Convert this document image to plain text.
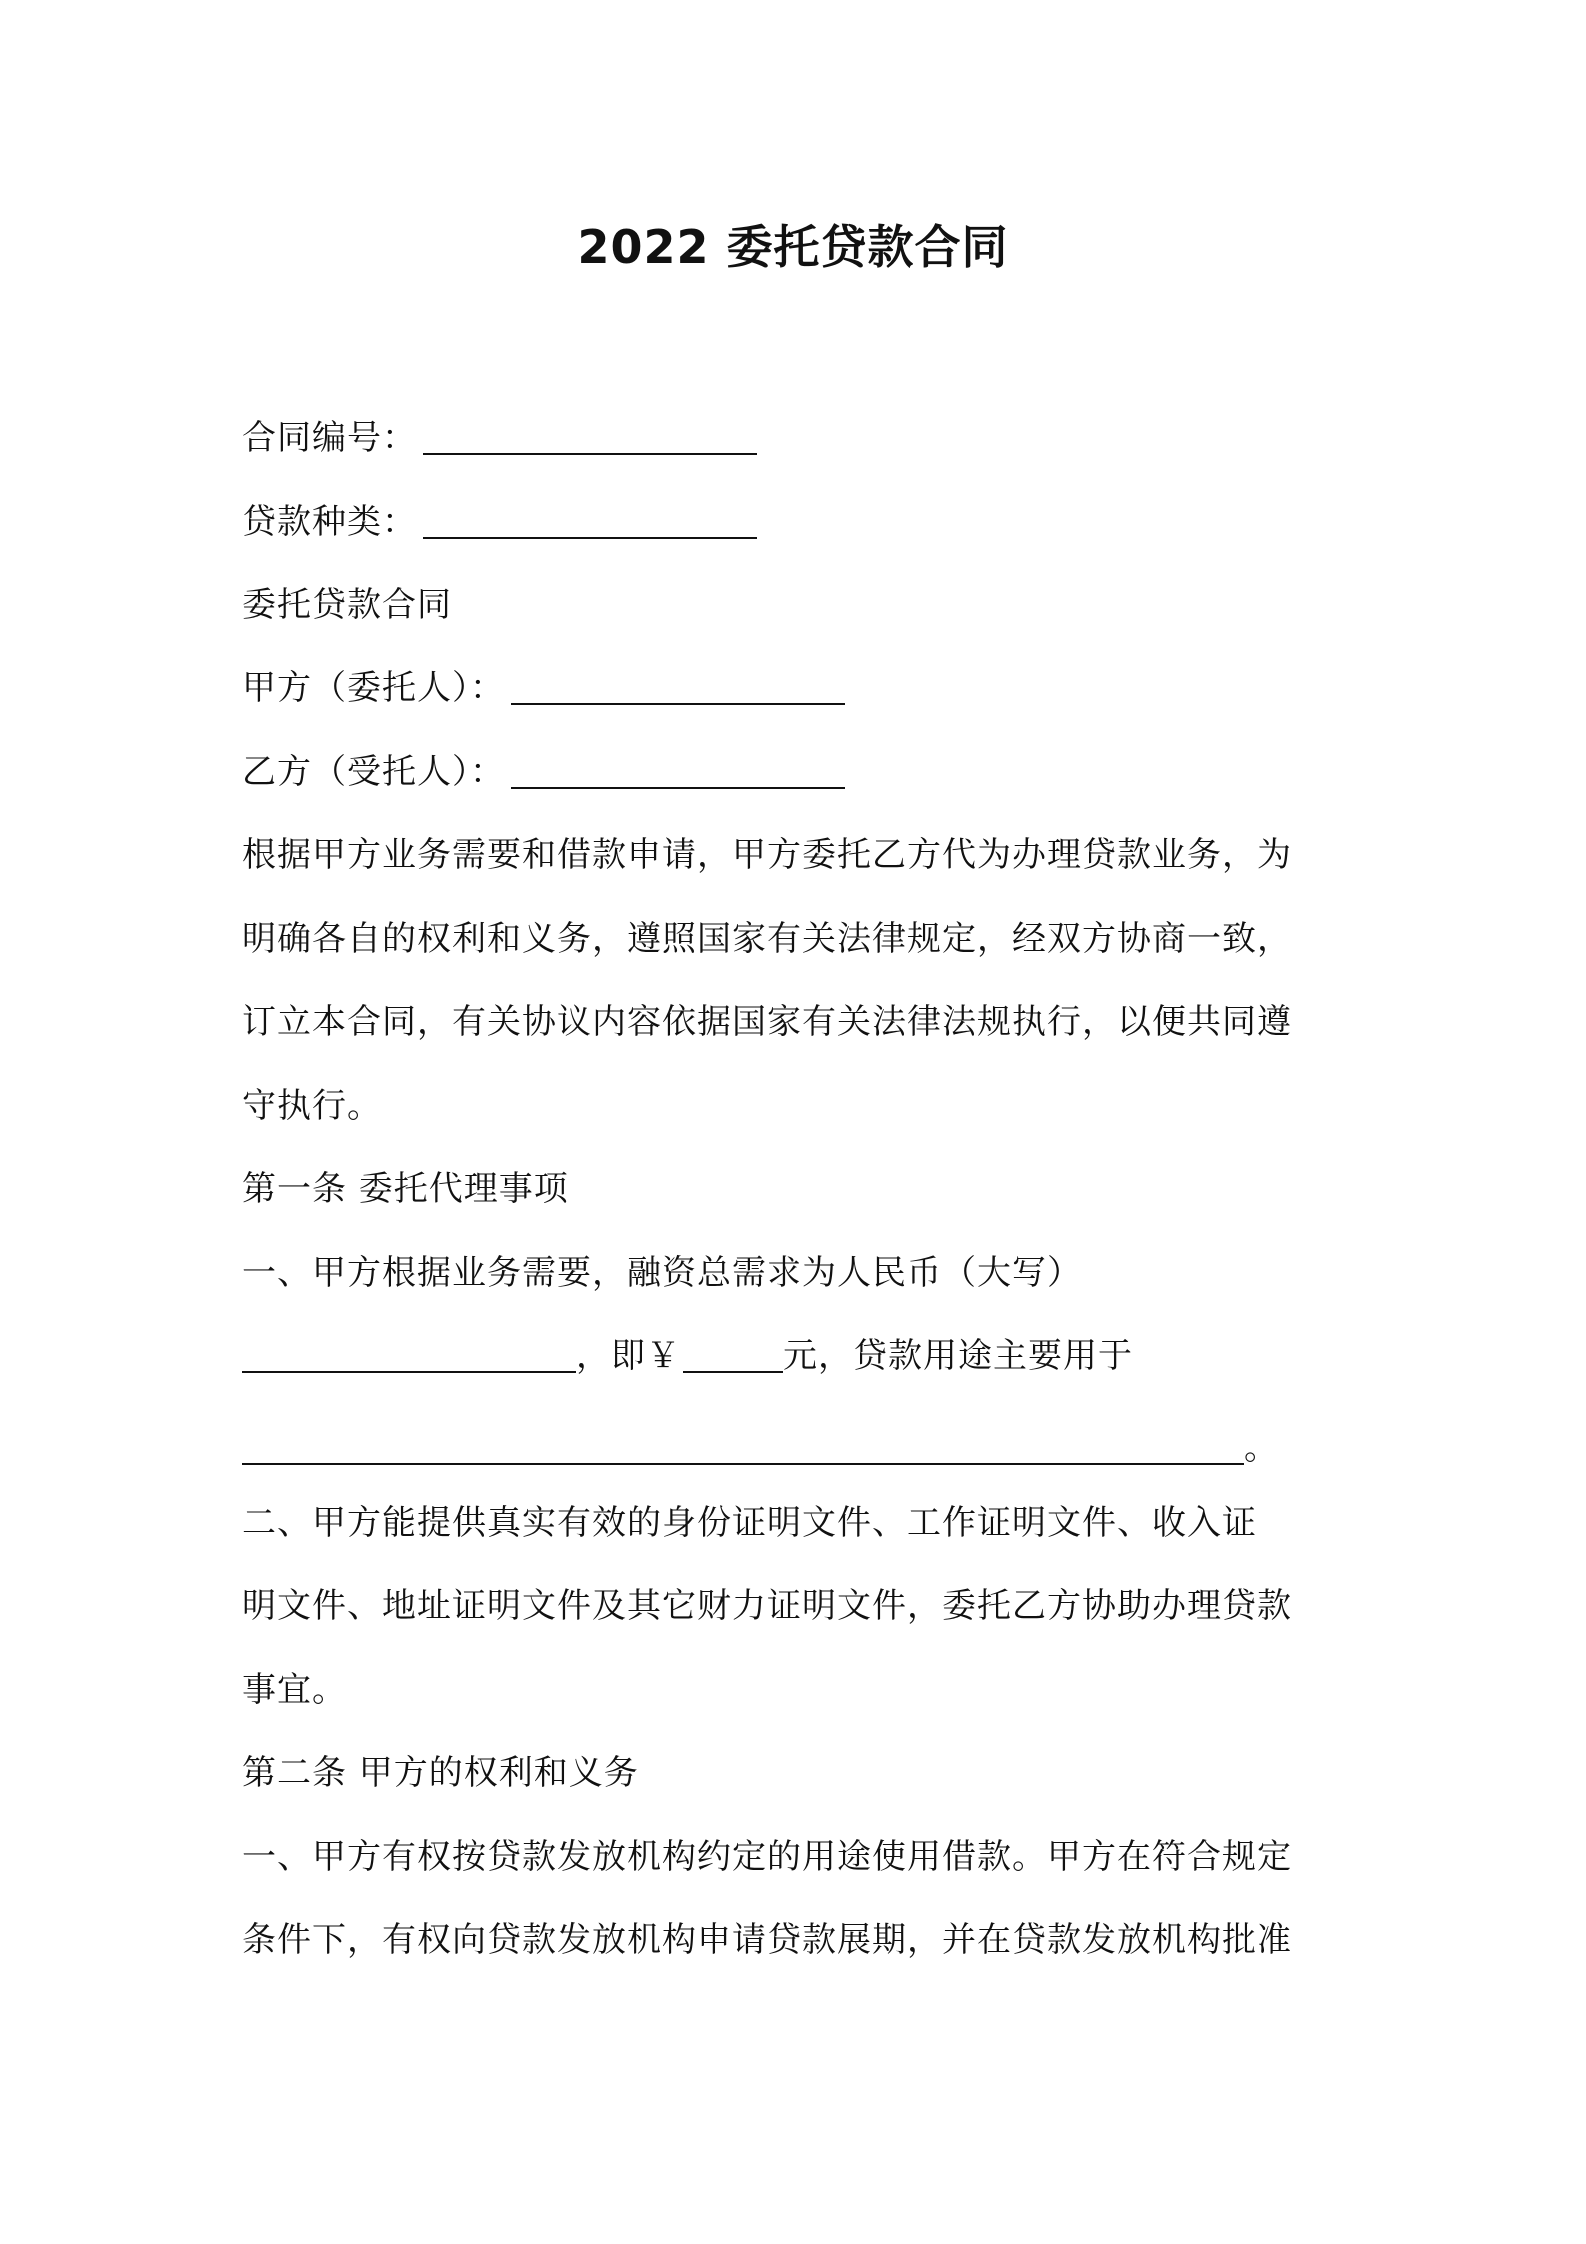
2022 委托贷款合同
合同编号：
贷款种类：
委托贷款合同
甲方（委托人）：
乙方（受托人）：
根据甲方业务需要和借款申请，甲方委托乙方代为办理贷款业务，为
明确各自的权利和义务，遵照国家有关法律规定，经双方协商一致，
订立本合同，有关协议内容依据国家有关法律法规执行，以便共同遵
守执行。
第一条 委托代理事项
一、甲方根据业务需要，融资总需求为人民币（大写）
，即￥	元，贷款用途主要用于
。
二、甲方能提供真实有效的身份证明文件、工作证明文件、收入证
明文件、地址证明文件及其它财力证明文件，委托乙方协助办理贷款
事宜。
第二条 甲方的权利和义务
一、甲方有权按贷款发放机构约定的用途使用借款。甲方在符合规定
条件下，有权向贷款发放机构申请贷款展期，并在贷款发放机构批准
